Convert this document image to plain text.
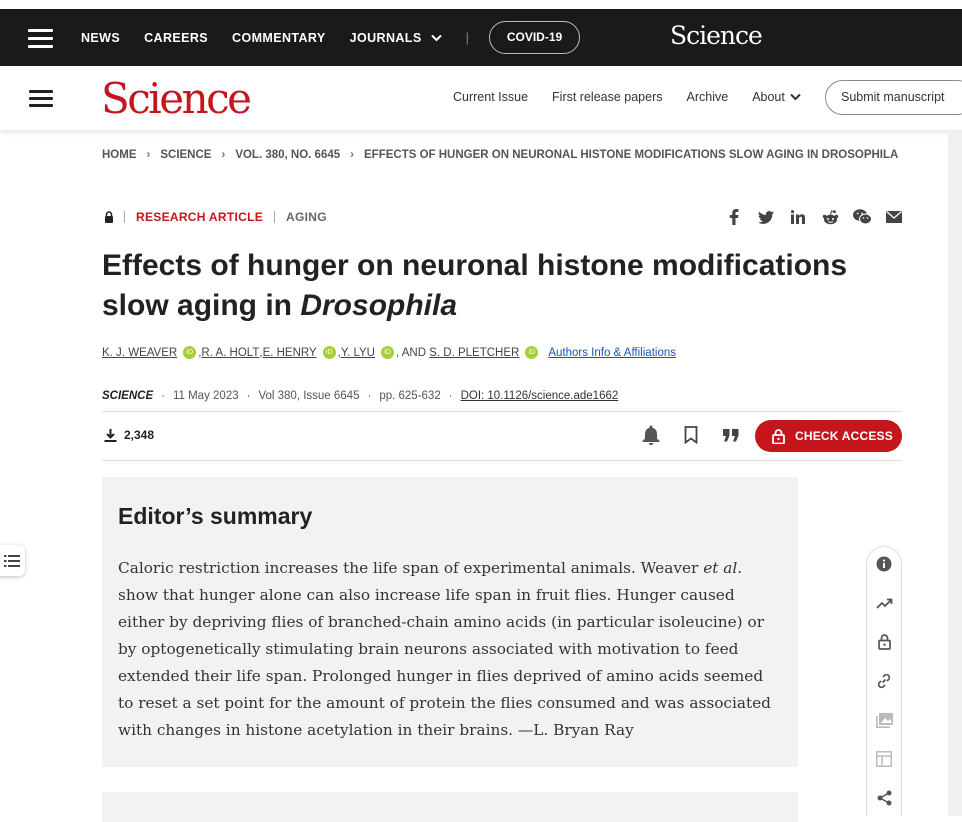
NEWS CAREERS COMMENTARY JOURNALS	|	COVID-19	Science
Science	Current Issue First release papers Archive About	Submit manuscript
HOME › SCIENCE › VOL. 380, NO. 6645 › EFFECTS OF HUNGER ON NEURONAL HISTONE MODIFICATIONS SLOW AGING IN DROSOPHILA
RESEARCH ARTICLE AGING
Effects of hunger on neuronal histone modifications slow aging in Drosophila
K. J. WEAVER	iD , R. A. HOLT , E. HENRY	iD , Y. LYU	iD , AND
S. D. PLETCHER	iD Authors Info & Affiliations
SCIENCE · 11 May 2023 · Vol 380, Issue 6645 · pp. 625-632 · DOI: 10.1126/science.ade1662
2,348	CHECK ACCESS
Editor’s summary

Caloric restriction increases the life span of experimental animals. Weaver et al. show that hunger alone can also increase life span in fruit flies. Hunger caused either by depriving flies of branched-chain amino acids (in particular isoleucine) or by optogenetically stimulating brain neurons associated with motivation to feed extended their life span. Prolonged hunger in flies deprived of amino acids seemed to reset a set point for the amount of protein the flies consumed and was associated with changes in histone acetylation in their brains. —L. Bryan Ray
